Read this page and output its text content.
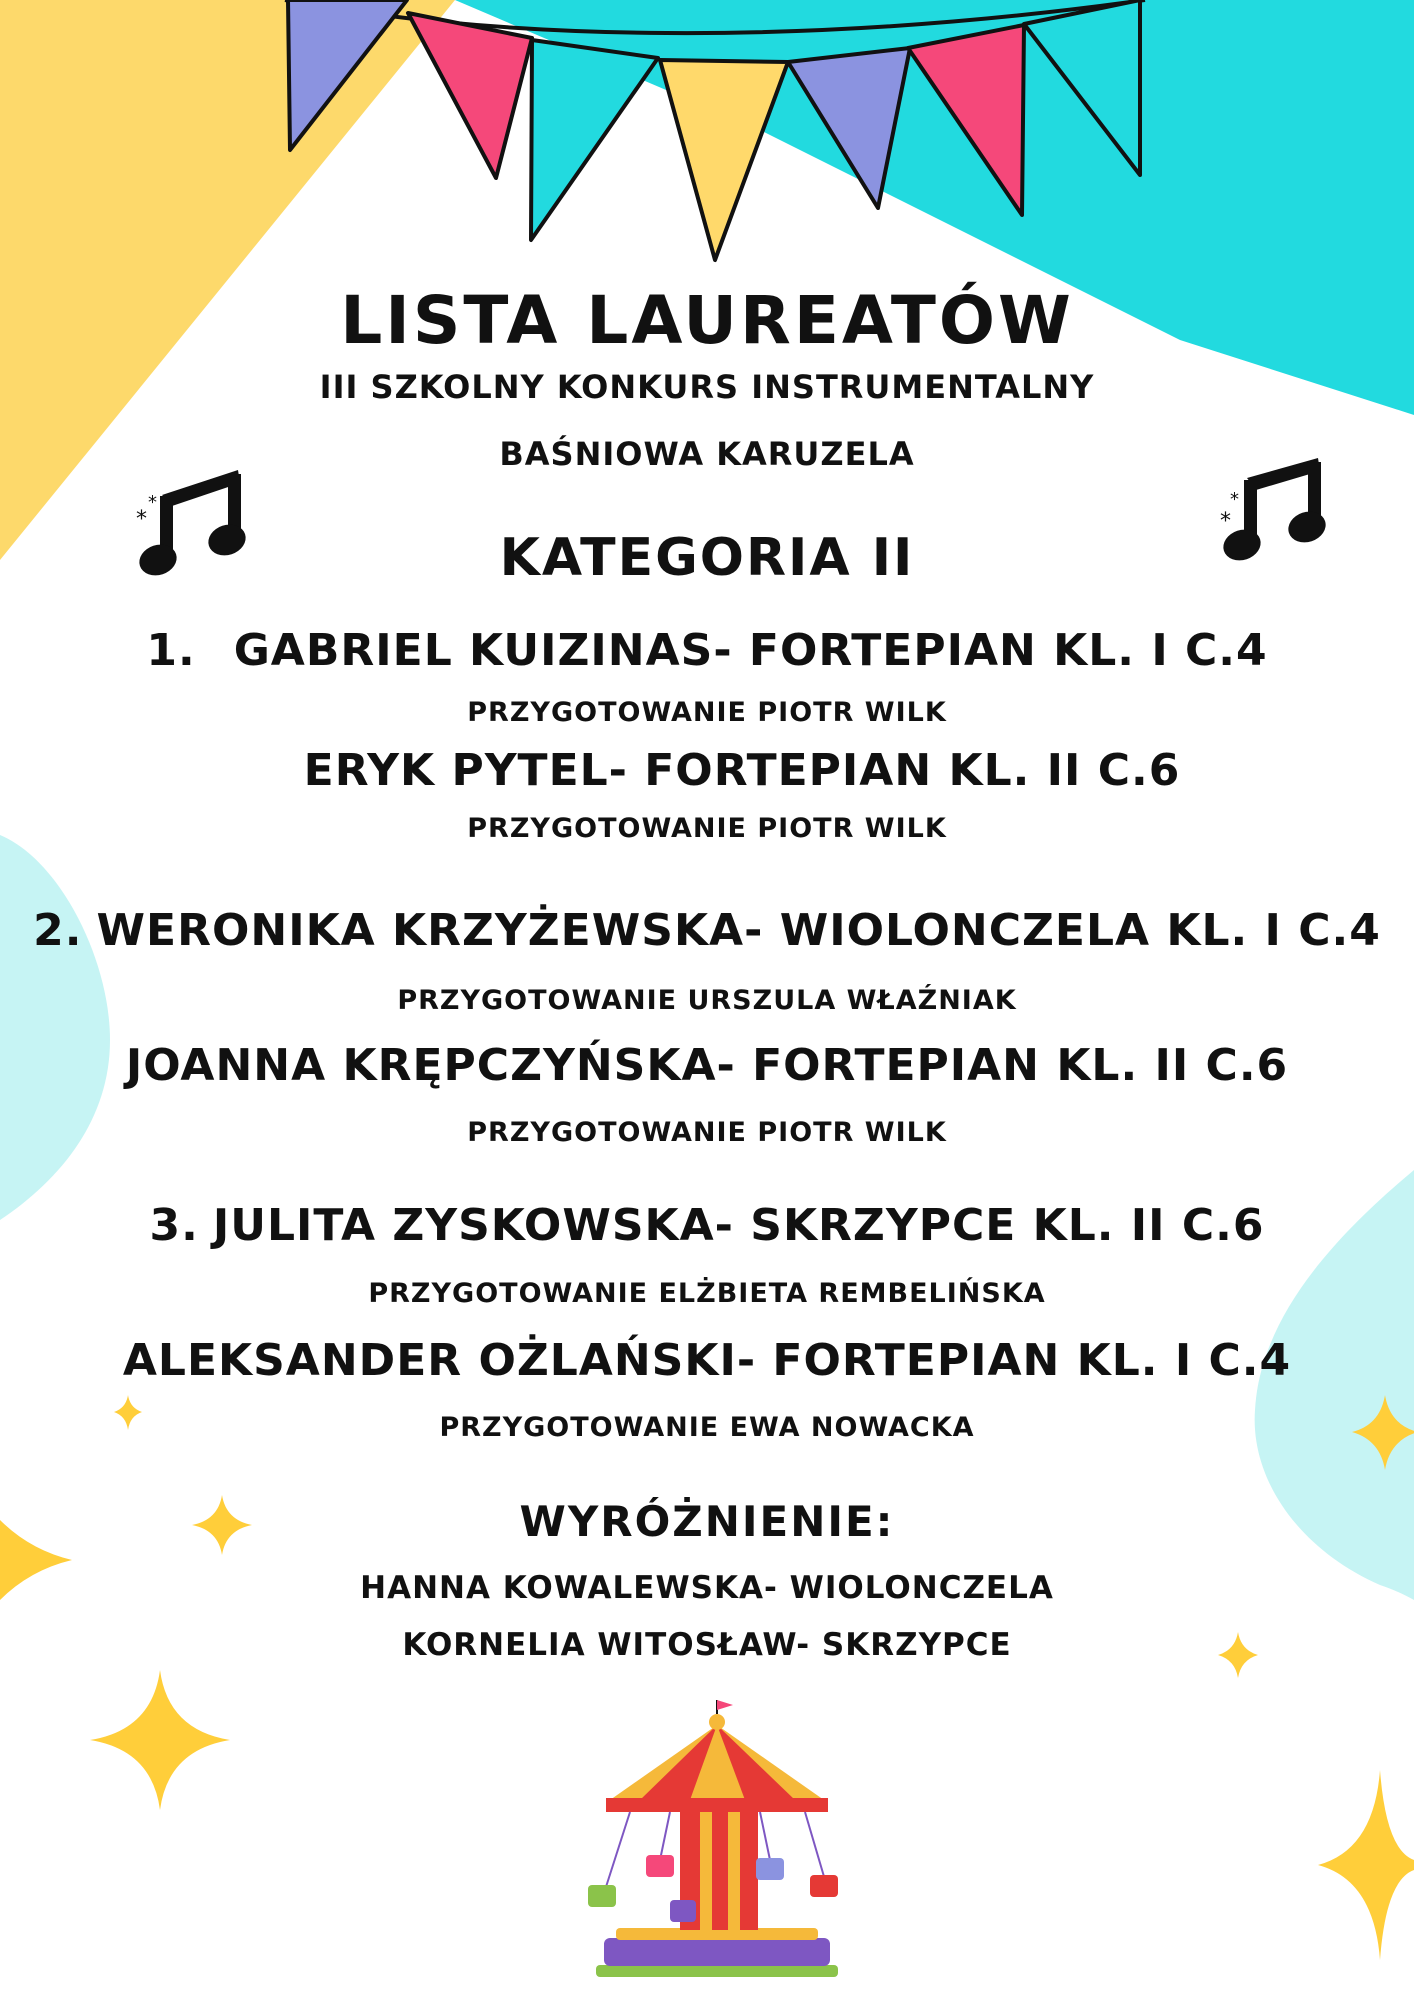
*
*
*
*
LISTA LAUREATÓW
III SZKOLNY KONKURS INSTRUMENTALNY
BAŚNIOWA KARUZELA
KATEGORIA II
1. GABRIEL KUIZINAS- FORTEPIAN KL. I C.4
PRZYGOTOWANIE PIOTR WILK
ERYK PYTEL- FORTEPIAN KL. II C.6
PRZYGOTOWANIE PIOTR WILK
2. WERONIKA KRZYŻEWSKA- WIOLONCZELA KL. I C.4
PRZYGOTOWANIE URSZULA WŁAŹNIAK
JOANNA KRĘPCZYŃSKA- FORTEPIAN KL. II C.6
PRZYGOTOWANIE PIOTR WILK
3. JULITA ZYSKOWSKA- SKRZYPCE KL. II C.6
PRZYGOTOWANIE ELŻBIETA REMBELIŃSKA
ALEKSANDER OŻLAŃSKI- FORTEPIAN KL. I C.4
PRZYGOTOWANIE EWA NOWACKA
WYRÓŻNIENIE:
HANNA KOWALEWSKA- WIOLONCZELA
KORNELIA WITOSŁAW- SKRZYPCE
